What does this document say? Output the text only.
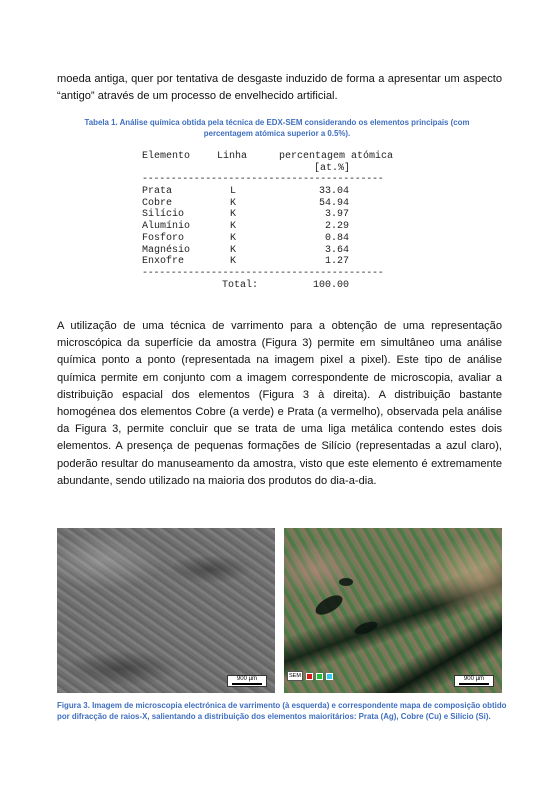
moeda antiga, quer por tentativa de desgaste induzido de forma a apresentar um aspecto “antigo” através de um processo de envelhecido artificial.

Tabela 1. Análise química obtida pela técnica de EDX-SEM considerando os elementos principais (com percentagem atómica superior a 0.5%).

Elemento	Linha	percentagem atómica
[at.%]
------------------------------------------
Prata	L	33.04
Cobre	K	54.94
Silício	K	3.97
Alumínio	K	2.29
Fosforo	K	0.84
Magnésio	K	3.64
Enxofre	K	1.27
------------------------------------------
Total:	100.00

A utilização de uma técnica de varrimento para a obtenção de uma representação microscópica da superfície da amostra (Figura 3) permite em simultâneo uma análise química ponto a ponto (representada na imagem pixel a pixel). Este tipo de análise química permite em conjunto com a imagem correspondente de microscopia, avaliar a distribuição espacial dos elementos (Figura 3 à direita). A distribuição bastante homogénea dos elementos Cobre (a verde) e Prata (a vermelho), observada pela análise da Figura 3, permite concluir que se trata de uma liga metálica contendo estes dois elementos. A presença de pequenas formações de Silício (representadas a azul claro), poderão resultar do manuseamento da amostra, visto que este elemento é extremamente abundante, sendo utilizado na maioria dos produtos do dia-a-dia.

900 µm	SEM	900 µm

Figura 3. Imagem de microscopia electrónica de varrimento (à esquerda) e correspondente mapa de composição obtido por difracção de raios-X, salientando a distribuição dos elementos maioritários: Prata (Ag), Cobre (Cu) e Silício (Si).
